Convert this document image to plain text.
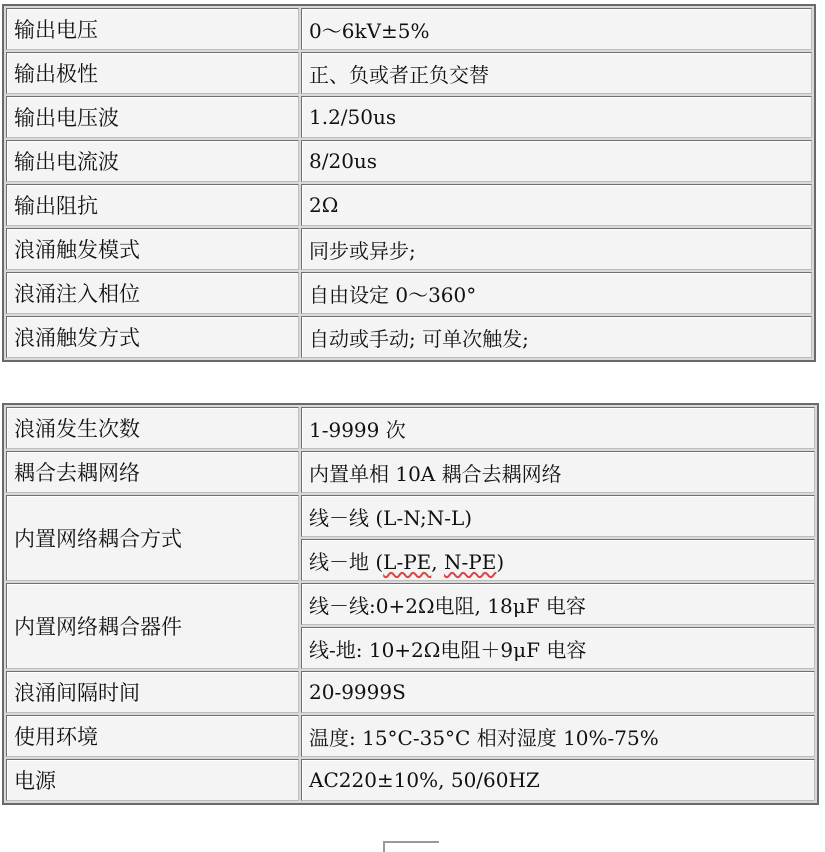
输出电压	0～6kV±5%
输出极性	正、负或者正负交替
输出电压波	1.2/50us
输出电流波	8/20us
输出阻抗	2Ω
浪涌触发模式	同步或异步;
浪涌注入相位	自由设定 0～360°
浪涌触发方式	自动或手动; 可单次触发;
浪涌发生次数	1-9999 次
耦合去耦网络	内置单相 10A 耦合去耦网络
内置网络耦合方式	线－线 (L-N;N-L)
	线－地 (L-PE, N-PE)
内置网络耦合器件	线－线:0+2Ω电阻, 18μF 电容
	线-地: 10+2Ω电阻＋9μF 电容
浪涌间隔时间	20-9999S
使用环境	温度: 15°C-35°C 相对湿度 10%-75%
电源	AC220±10%, 50/60HZ
